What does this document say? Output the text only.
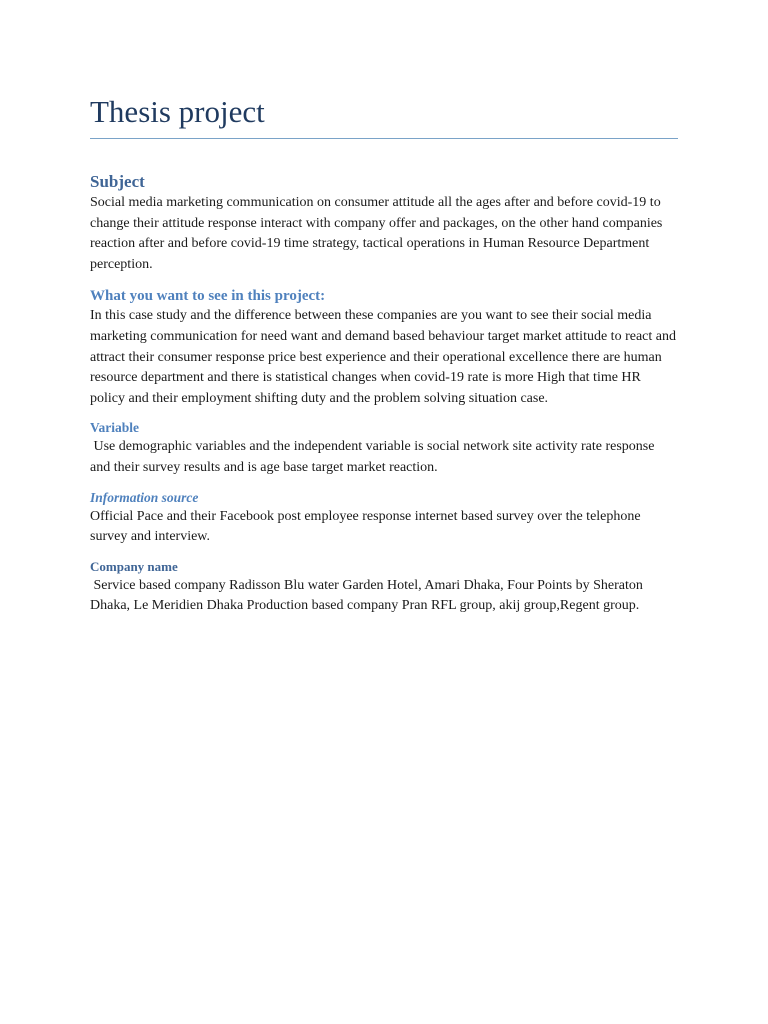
Thesis project
Subject

Social media marketing communication on consumer attitude all the ages after and before covid-19 to change their attitude response interact with company offer and packages, on the other hand companies reaction after and before covid-19 time strategy, tactical operations in Human Resource Department perception.

What you want to see in this project:

In this case study and the difference between these companies are you want to see their social media marketing communication for need want and demand based behaviour target market attitude to react and attract their consumer response price best experience and their operational excellence there are human resource department and there is statistical changes when covid-19 rate is more High that time HR policy and their employment shifting duty and the problem solving situation case.

Variable

Use demographic variables and the independent variable is social network site activity rate response and their survey results and is age base target market reaction.

Information source

Official Pace and their Facebook post employee response internet based survey over the telephone survey and interview.

Company name

Service based company Radisson Blu water Garden Hotel, Amari Dhaka, Four Points by Sheraton Dhaka, Le Meridien Dhaka Production based company Pran RFL group, akij group,Regent group.
